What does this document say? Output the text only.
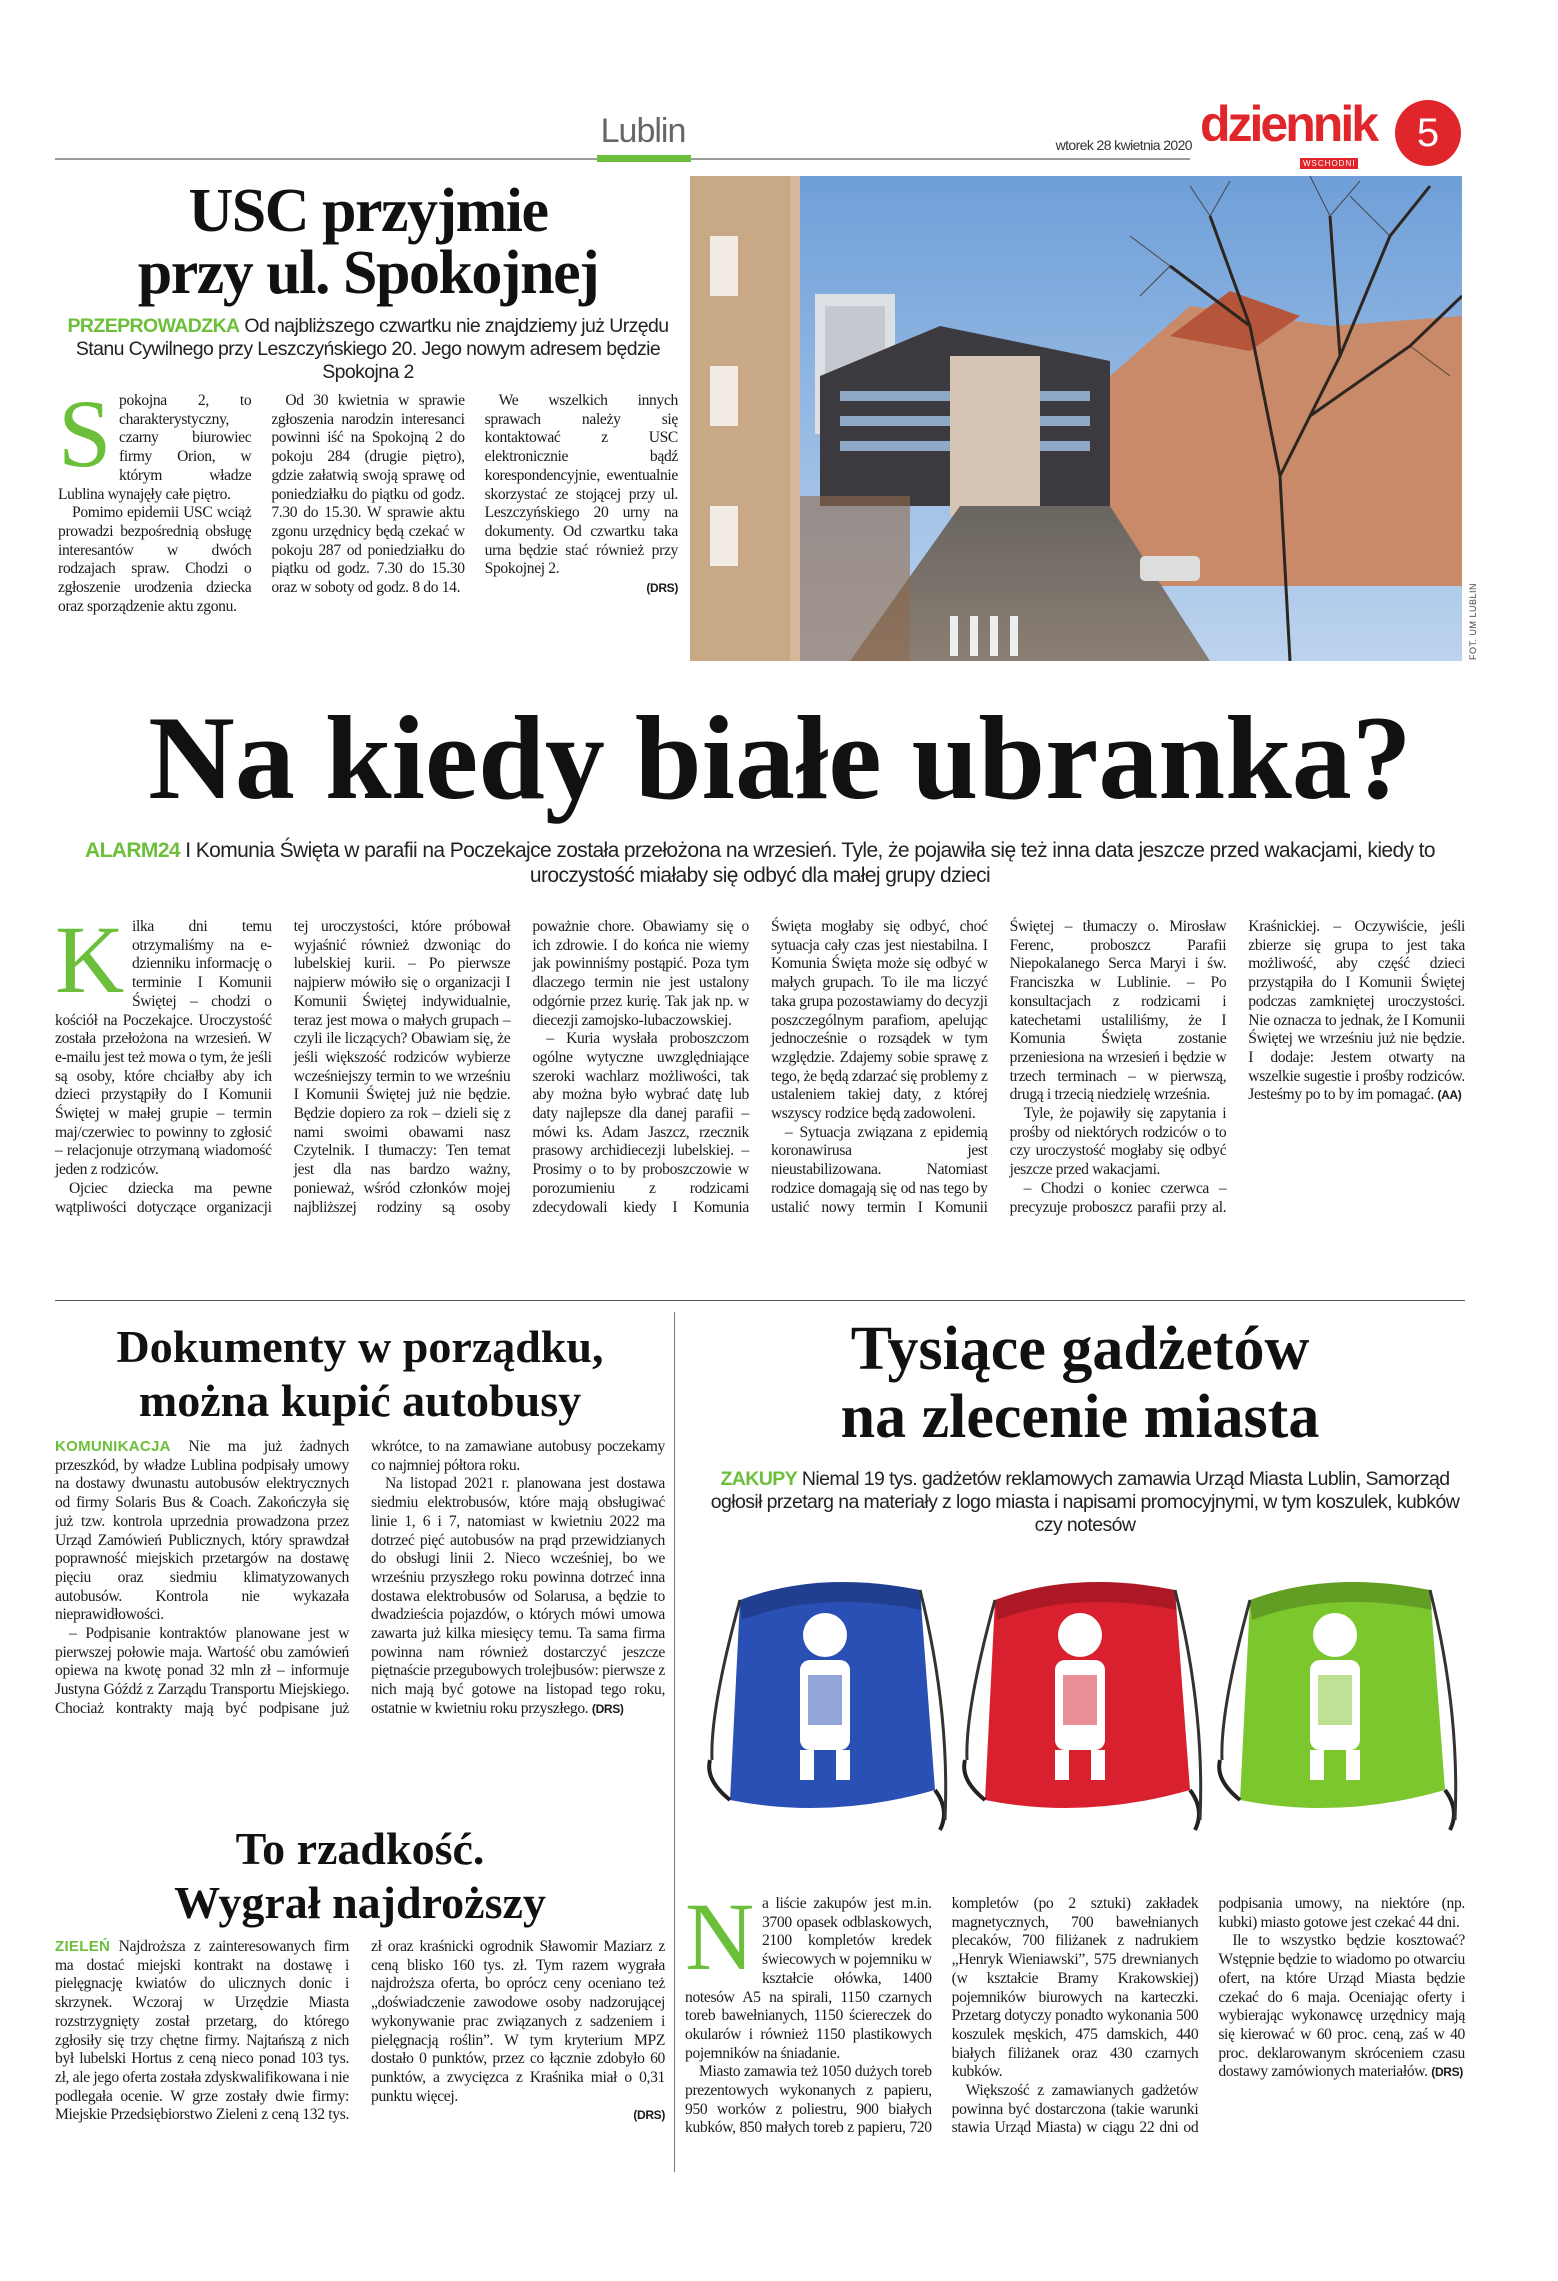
Lublin	wtorek 28 kwietnia 2020 dziennik
WSCHODNI
5
USC przyjmie
przy ul. Spokojnej
PRZEPROWADZKA Od najbliższego czwartku nie znajdziemy już Urzędu Stanu Cywilnego przy Leszczyńskiego 20. Jego nowym adresem będzie Spokojna 2

Spokojna 2, to charakterystyczny, czarny biurowiec firmy Orion, w którym władze Lublina wynajęły całe piętro.

Pomimo epidemii USC wciąż prowadzi bezpośrednią obsługę interesantów w dwóch rodzajach spraw. Chodzi o zgłoszenie urodzenia dziecka oraz sporządzenie aktu zgonu.

Od 30 kwietnia w sprawie zgłoszenia narodzin interesanci powinni iść na Spokojną 2 do pokoju 284 (drugie piętro), gdzie załatwią swoją sprawę od poniedziałku do piątku od godz. 7.30 do 15.30. W sprawie aktu zgonu urzędnicy będą czekać w pokoju 287 od poniedziałku do piątku od godz. 7.30 do 15.30 oraz w soboty od godz. 8 do 14.

We wszelkich innych sprawach należy się kontaktować z USC elektronicznie bądź korespondencyjnie, ewentualnie skorzystać ze stojącej przy ul. Leszczyńskiego 20 urny na dokumenty. Od czwartku taka urna będzie stać również przy Spokojnej 2.

(DRS)	FOT. UM LUBLIN
Na kiedy białe ubranka?
ALARM24 I Komunia Święta w parafii na Poczekajce została przełożona na wrzesień. Tyle, że pojawiła się też inna data jeszcze przed wakacjami, kiedy to uroczystość miałaby się odbyć dla małej grupy dzieci

Kilka dni temu otrzymaliśmy na e-dzienniku informację o terminie I Komunii Świętej – chodzi o kościół na Poczekajce. Uroczystość została przełożona na wrzesień. W e-mailu jest też mowa o tym, że jeśli są osoby, które chciałby aby ich dzieci przystąpiły do I Komunii Świętej w małej grupie – termin maj/czerwiec to powinny to zgłosić – relacjonuje otrzymaną wiadomość jeden z rodziców.

Ojciec dziecka ma pewne wątpliwości dotyczące organizacji tej uroczystości, które próbował wyjaśnić również dzwoniąc do lubelskiej kurii. – Po pierwsze najpierw mówiło się o organizacji I Komunii Świętej indywidualnie, teraz jest mowa o małych grupach – czyli ile liczących? Obawiam się, że jeśli większość rodziców wybierze wcześniejszy termin to we wrześniu I Komunii Świętej już nie będzie. Będzie dopiero za rok – dzieli się z nami swoimi obawami nasz Czytelnik. I tłumaczy: Ten temat jest dla nas bardzo ważny, ponieważ, wśród członków mojej najbliższej rodziny są osoby poważnie chore. Obawiamy się o ich zdrowie. I do końca nie wiemy jak powinniśmy postąpić. Poza tym dlaczego termin nie jest ustalony odgórnie przez kurię. Tak jak np. w diecezji zamojsko-lubaczowskiej.

– Kuria wysłała proboszczom ogólne wytyczne uwzględniające szeroki wachlarz możliwości, tak aby można było wybrać datę lub daty najlepsze dla danej parafii – mówi ks. Adam Jaszcz, rzecznik prasowy archidiecezji lubelskiej. – Prosimy o to by proboszczowie w porozumieniu z rodzicami zdecydowali kiedy I Komunia Święta mogłaby się odbyć, choć sytuacja cały czas jest niestabilna. I Komunia Święta może się odbyć w małych grupach. To ile ma liczyć taka grupa pozostawiamy do decyzji poszczególnym parafiom, apelując jednocześnie o rozsądek w tym względzie. Zdajemy sobie sprawę z tego, że będą zdarzać się problemy z ustaleniem takiej daty, z której wszyscy rodzice będą zadowoleni.

– Sytuacja związana z epidemią koronawirusa jest nieustabilizowana. Natomiast rodzice domagają się od nas tego by ustalić nowy termin I Komunii Świętej – tłumaczy o. Mirosław Ferenc, proboszcz Parafii Niepokalanego Serca Maryi i św. Franciszka w Lublinie. – Po konsultacjach z rodzicami i katechetami ustaliliśmy, że I Komunia Święta zostanie przeniesiona na wrzesień i będzie w trzech terminach – w pierwszą, drugą i trzecią niedzielę września.

Tyle, że pojawiły się zapytania i prośby od niektórych rodziców o to czy uroczystość mogłaby się odbyć jeszcze przed wakacjami.

– Chodzi o koniec czerwca – precyzuje proboszcz parafii przy al. Kraśnickiej. – Oczywiście, jeśli zbierze się grupa to jest taka możliwość, aby część dzieci przystąpiła do I Komunii Świętej podczas zamkniętej uroczystości. Nie oznacza to jednak, że I Komunii Świętej we wrześniu już nie będzie. I dodaje: Jestem otwarty na wszelkie sugestie i prośby rodziców. Jesteśmy po to by im pomagać. (AA)

Dokumenty w porządku,
można kupić autobusy

KOMUNIKACJA Nie ma już żadnych przeszkód, by władze Lublina podpisały umowy na dostawy dwunastu autobusów elektrycznych od firmy Solaris Bus & Coach. Zakończyła się już tzw. kontrola uprzednia prowadzona przez Urząd Zamówień Publicznych, który sprawdzał poprawność miejskich przetargów na dostawę pięciu oraz siedmiu klimatyzowanych autobusów. Kontrola nie wykazała nieprawidłowości.

– Podpisanie kontraktów planowane jest w pierwszej połowie maja. Wartość obu zamówień opiewa na kwotę ponad 32 mln zł – informuje Justyna Góźdź z Zarządu Transportu Miejskiego. Chociaż kontrakty mają być podpisane już wkrótce, to na zamawiane autobusy poczekamy co najmniej półtora roku.

Na listopad 2021 r. planowana jest dostawa siedmiu elektrobusów, które mają obsługiwać linie 1, 6 i 7, natomiast w kwietniu 2022 ma dotrzeć pięć autobusów na prąd przewidzianych do obsługi linii 2. Nieco wcześniej, bo we wrześniu przyszłego roku powinna dotrzeć inna dostawa elektrobusów od Solarusa, a będzie to dwadzieścia pojazdów, o których mówi umowa zawarta już kilka miesięcy temu. Ta sama firma powinna nam również dostarczyć jeszcze piętnaście przegubowych trolejbusów: pierwsze z nich mają być gotowe na listopad tego roku, ostatnie w kwietniu roku przyszłego. (DRS)

To rzadkość.
Wygrał najdroższy

ZIELEŃ Najdroższa z zainteresowanych firm ma dostać miejski kontrakt na dostawę i pielęgnację kwiatów do ulicznych donic i skrzynek. Wczoraj w Urzędzie Miasta rozstrzygnięty został przetarg, do którego zgłosiły się trzy chętne firmy. Najtańszą z nich był lubelski Hortus z ceną nieco ponad 103 tys. zł, ale jego oferta została zdyskwalifikowana i nie podlegała ocenie. W grze zostały dwie firmy: Miejskie Przedsiębiorstwo Zieleni z ceną 132 tys. zł oraz kraśnicki ogrodnik Sławomir Maziarz z ceną blisko 160 tys. zł. Tym razem wygrała najdroższa oferta, bo oprócz ceny oceniano też „doświadczenie zawodowe osoby nadzorującej wykonywanie prac związanych z sadzeniem i pielęgnacją roślin”. W tym kryterium MPZ dostało 0 punktów, przez co łącznie zdobyło 60 punktów, a zwycięzca z Kraśnika miał o 0,31 punktu więcej.

(DRS)
Tysiące gadżetów
na zlecenie miasta
ZAKUPY Niemal 19 tys. gadżetów reklamowych zamawia Urząd Miasta Lublin, Samorząd ogłosił przetarg na materiały z logo miasta i napisami promocyjnymi, w tym koszulek, kubków czy notesów

Na liście zakupów jest m.in. 3700 opasek odblaskowych, 2100 kompletów kredek świecowych w pojemniku w kształcie ołówka, 1400 notesów A5 na spirali, 1150 czarnych toreb bawełnianych, 1150 ściereczek do okularów i również 1150 plastikowych pojemników na śniadanie.

Miasto zamawia też 1050 dużych toreb prezentowych wykonanych z papieru, 950 worków z poliestru, 900 białych kubków, 850 małych toreb z papieru, 720 kompletów (po 2 sztuki) zakładek magnetycznych, 700 bawełnianych plecaków, 700 filiżanek z nadrukiem „Henryk Wieniawski”, 575 drewnianych (w kształcie Bramy Krakowskiej) pojemników biurowych na karteczki. Przetarg dotyczy ponadto wykonania 500 koszulek męskich, 475 damskich, 440 białych filiżanek oraz 430 czarnych kubków.

Większość z zamawianych gadżetów powinna być dostarczona (takie warunki stawia Urząd Miasta) w ciągu 22 dni od podpisania umowy, na niektóre (np. kubki) miasto gotowe jest czekać 44 dni.

Ile to wszystko będzie kosztować? Wstępnie będzie to wiadomo po otwarciu ofert, na które Urząd Miasta będzie czekać do 6 maja. Oceniając oferty i wybierając wykonawcę urzędnicy mają się kierować w 60 proc. ceną, zaś w 40 proc. deklarowanym skróceniem czasu dostawy zamówionych materiałów. (DRS)
